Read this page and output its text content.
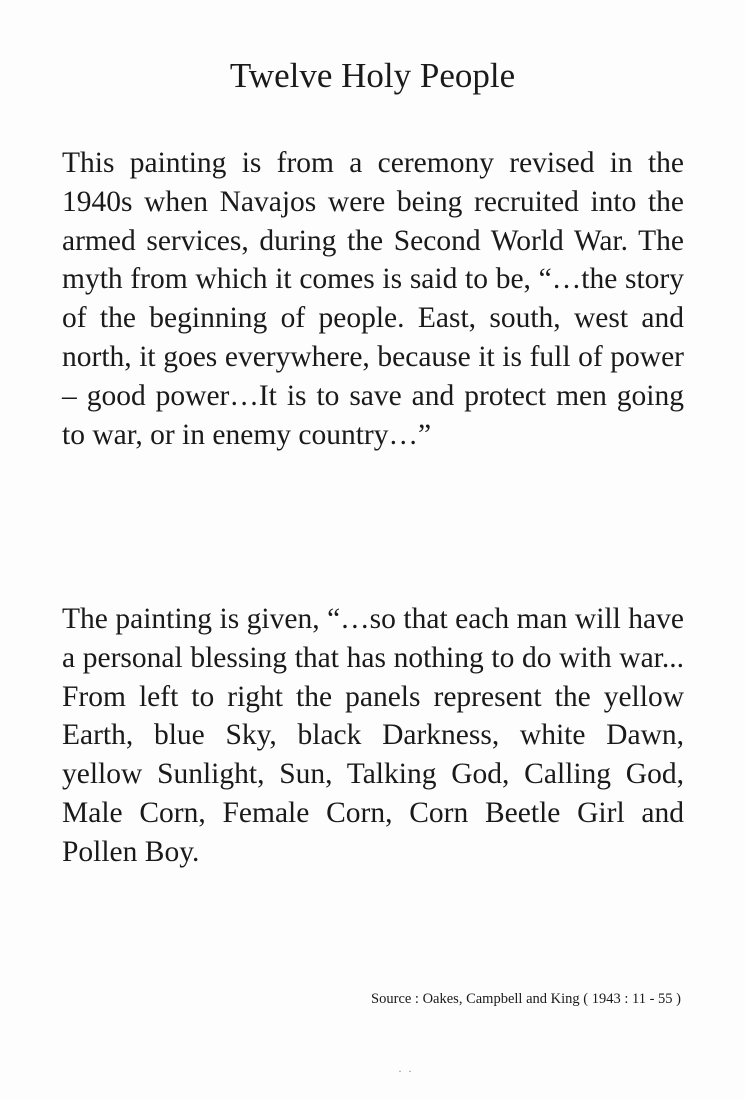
Twelve Holy People

This painting is from a ceremony revised in the 1940s when Navajos were being recruited into the armed services, during the Second World War. The myth from which it comes is said to be, “…the story of the beginning of people. East, south, west and north, it goes everywhere, because it is full of power – good power…It is to save and protect men going to war, or in enemy country…”

The painting is given, “…so that each man will have a personal blessing that has nothing to do with war... From left to right the panels represent the yellow Earth, blue Sky, black Darkness, white Dawn, yellow Sunlight, Sun, Talking God, Calling God, Male Corn, Female Corn, Corn Beetle Girl and Pollen Boy.

Source : Oakes, Campbell and King ( 1943 : 11 - 55 )

··
